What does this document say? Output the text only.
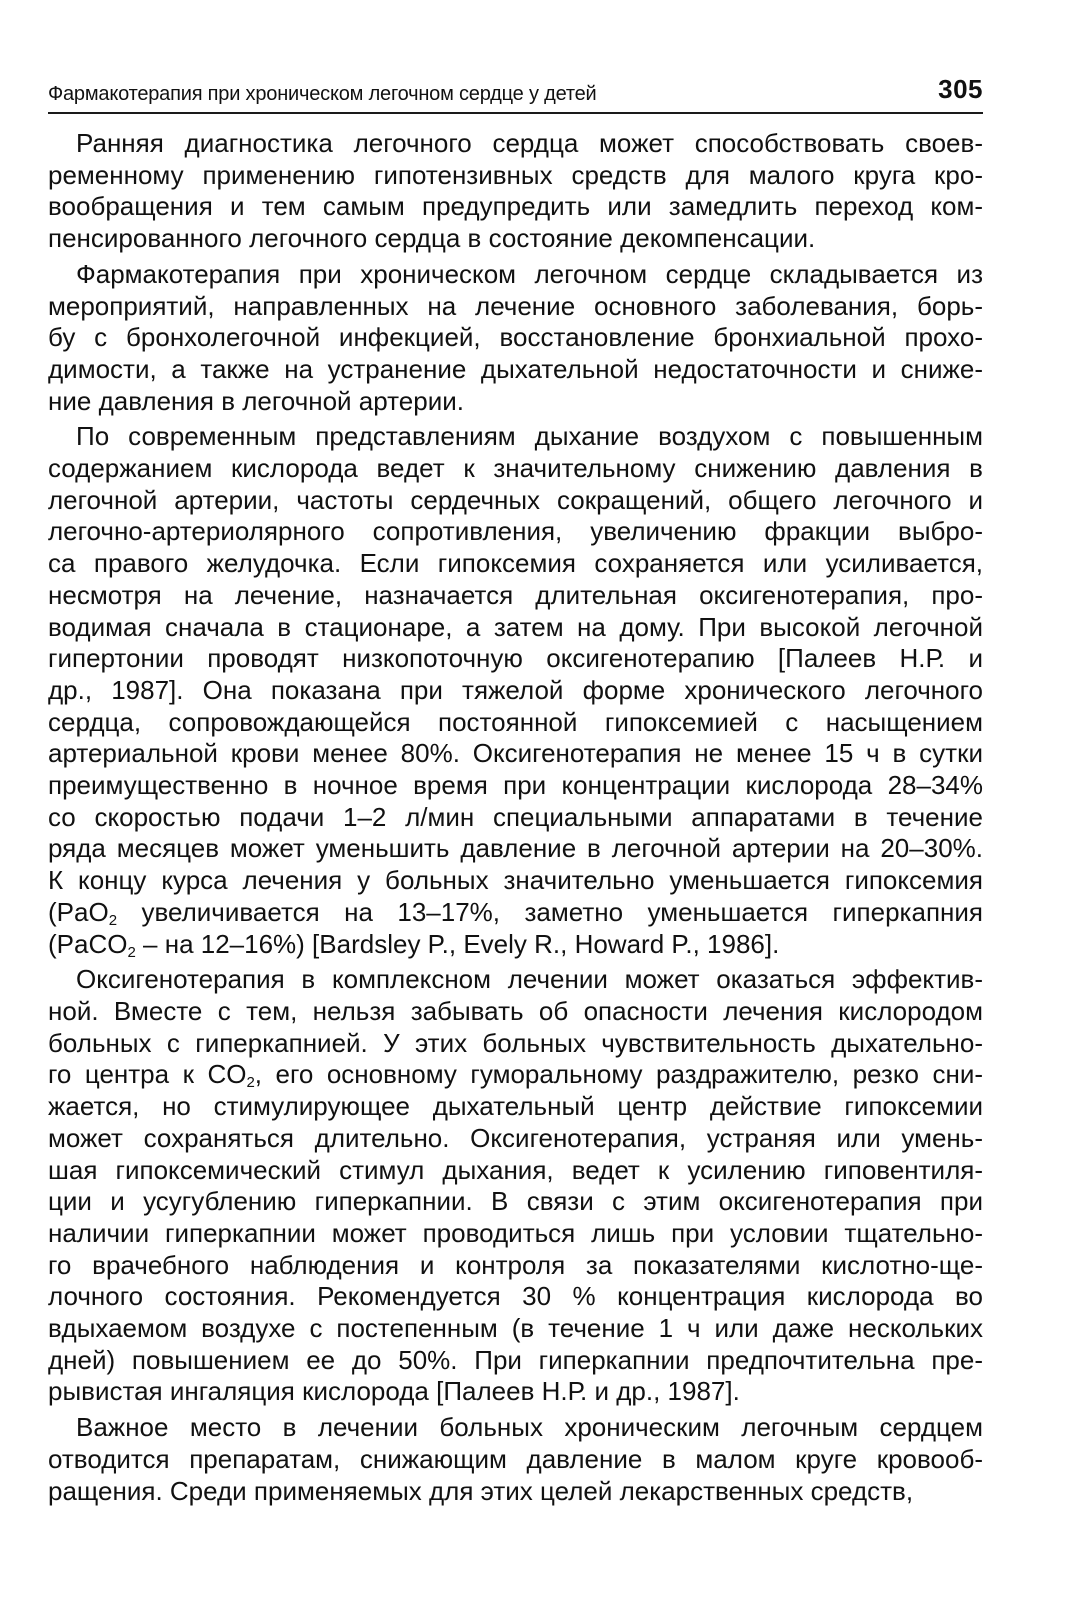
Фармакотерапия при хроническом легочном сердце у детей	305

Ранняя диагностика легочного сердца может способствовать своев-
ременному применению гипотензивных средств для малого круга кро-
вообращения и тем самым предупредить или замедлить переход ком-
пенсированного легочного сердца в состояние декомпенсации.

Фармакотерапия при хроническом легочном сердце складывается из
мероприятий, направленных на лечение основного заболевания, борь-
бу с бронхолегочной инфекцией, восстановление бронхиальной прохо-
димости, а также на устранение дыхательной недостаточности и сниже-
ние давления в легочной артерии.

По современным представлениям дыхание воздухом с повышенным
содержанием кислорода ведет к значительному снижению давления в
легочной артерии, частоты сердечных сокращений, общего легочного и
легочно-артериолярного сопротивления, увеличению фракции выбро-
са правого желудочка. Если гипоксемия сохраняется или усиливается,
несмотря на лечение, назначается длительная оксигенотерапия, про-
водимая сначала в стационаре, а затем на дому. При высокой легочной
гипертонии проводят низкопоточную оксигенотерапию [Палеев Н.Р. и
др., 1987]. Она показана при тяжелой форме хронического легочного
сердца, сопровождающейся постоянной гипоксемией с насыщением
артериальной крови менее 80%. Оксигенотерапия не менее 15 ч в сутки
преимущественно в ночное время при концентрации кислорода 28–34%
со скоростью подачи 1–2 л/мин специальными аппаратами в течение
ряда месяцев может уменьшить давление в легочной артерии на 20–30%.
К концу курса лечения у больных значительно уменьшается гипоксемия
(PaO$_2$ увеличивается на 13–17%, заметно уменьшается гиперкапния
(PaCO$_2$ – на 12–16%) [Bardsley P., Evely R., Howard P., 1986].

Оксигенотерапия в комплексном лечении может оказаться эффектив-
ной. Вместе с тем, нельзя забывать об опасности лечения кислородом
больных с гиперкапнией. У этих больных чувствительность дыхательно-
го центра к $CO_2$, его основному гуморальному раздражителю, резко сни-
жается, но стимулирующее дыхательный центр действие гипоксемии
может сохраняться длительно. Оксигенотерапия, устраняя или умень-
шая гипоксемический стимул дыхания, ведет к усилению гиповентиля-
ции и усугублению гиперкапнии. В связи с этим оксигенотерапия при
наличии гиперкапнии может проводиться лишь при условии тщательно-
го врачебного наблюдения и контроля за показателями кислотно-ще-
лочного состояния. Рекомендуется 30 % концентрация кислорода во
вдыхаемом воздухе с постепенным (в течение 1 ч или даже нескольких
дней) повышением ее до 50%. При гиперкапнии предпочтительна пре-
рывистая ингаляция кислорода [Палеев Н.Р. и др., 1987].

Важное место в лечении больных хроническим легочным сердцем
отводится препаратам, снижающим давление в малом круге кровооб-
ращения. Среди применяемых для этих целей лекарственных средств,
